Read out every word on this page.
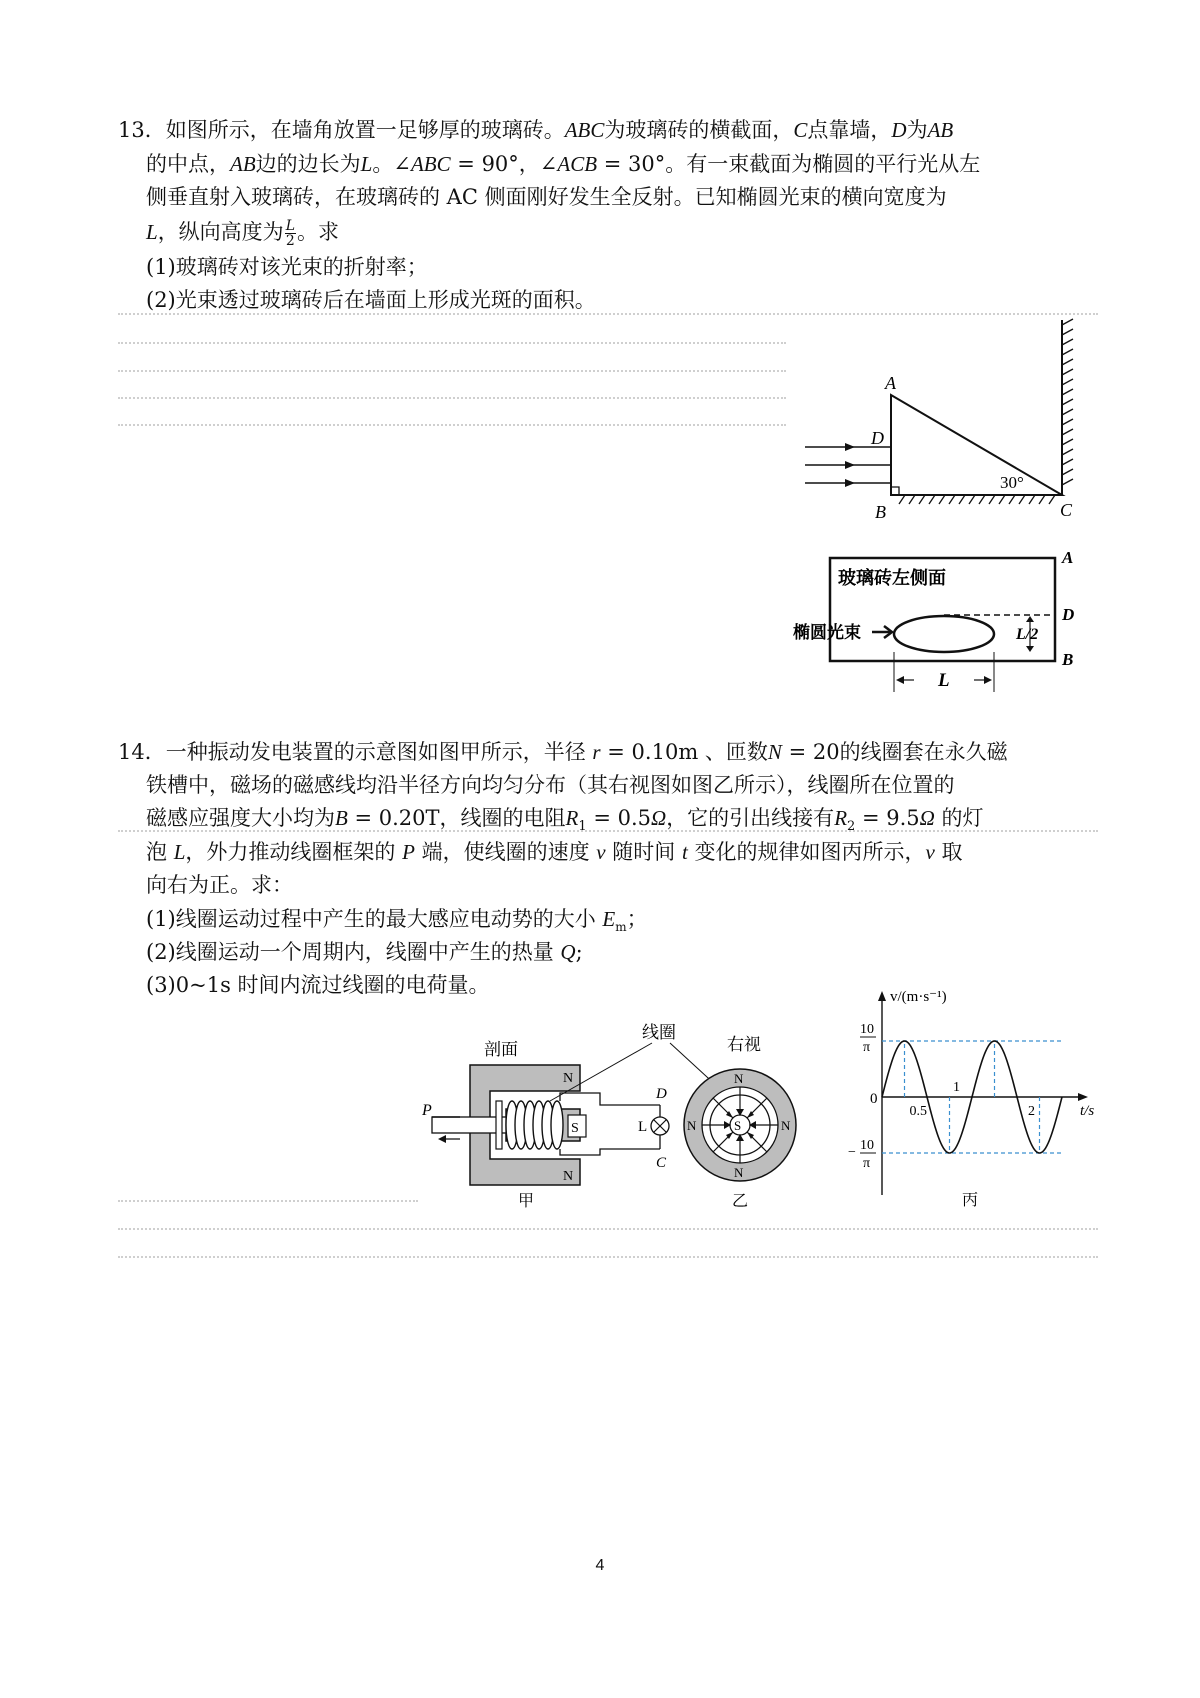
13．如图所示，在墙角放置一足够厚的玻璃砖。ABC为玻璃砖的横截面，C点靠墙，D为AB
的中点，AB边的边长为L。∠ABC = 90°，∠ACB = 30°。有一束截面为椭圆的平行光从左
侧垂直射入玻璃砖，在玻璃砖的 AC 侧面刚好发生全反射。已知椭圆光束的横向宽度为
L，纵向高度为 $\frac{L}{2}$ 。求
(1)玻璃砖对该光束的折射率；
(2)光束透过玻璃砖后在墙面上形成光斑的面积。
A
D
B	C
30°
玻璃砖左侧面
椭圆光束	L/2
A
D
B
L
14．一种振动发电装置的示意图如图甲所示，半径 r = 0.10m 、匝数N = 20的线圈套在永久磁
铁槽中，磁场的磁感线均沿半径方向均匀分布（其右视图如图乙所示），线圈所在位置的
磁感应强度大小均为B = 0.20T，线圈的电阻$R_1 = 0.5\Omega$，它的引出线接有$R_2 = 9.5\Omega$ 的灯
泡 L，外力推动线圈框架的 P 端，使线圈的速度 v 随时间 t 变化的规律如图丙所示，v 取
向右为正。求：
(1)线圈运动过程中产生的最大感应电动势的大小 $E_m$；
(2)线圈运动一个周期内，线圈中产生的热量 Q;
(3)0~1s 时间内流过线圈的电荷量。
剖面
线圈
右视
P
S
N
N
L
D
C
甲
S
N
N
N	N
乙
v/(m·s⁻¹)
t/s
0
10
π
− 10
π
0.5
1
2
丙
4
